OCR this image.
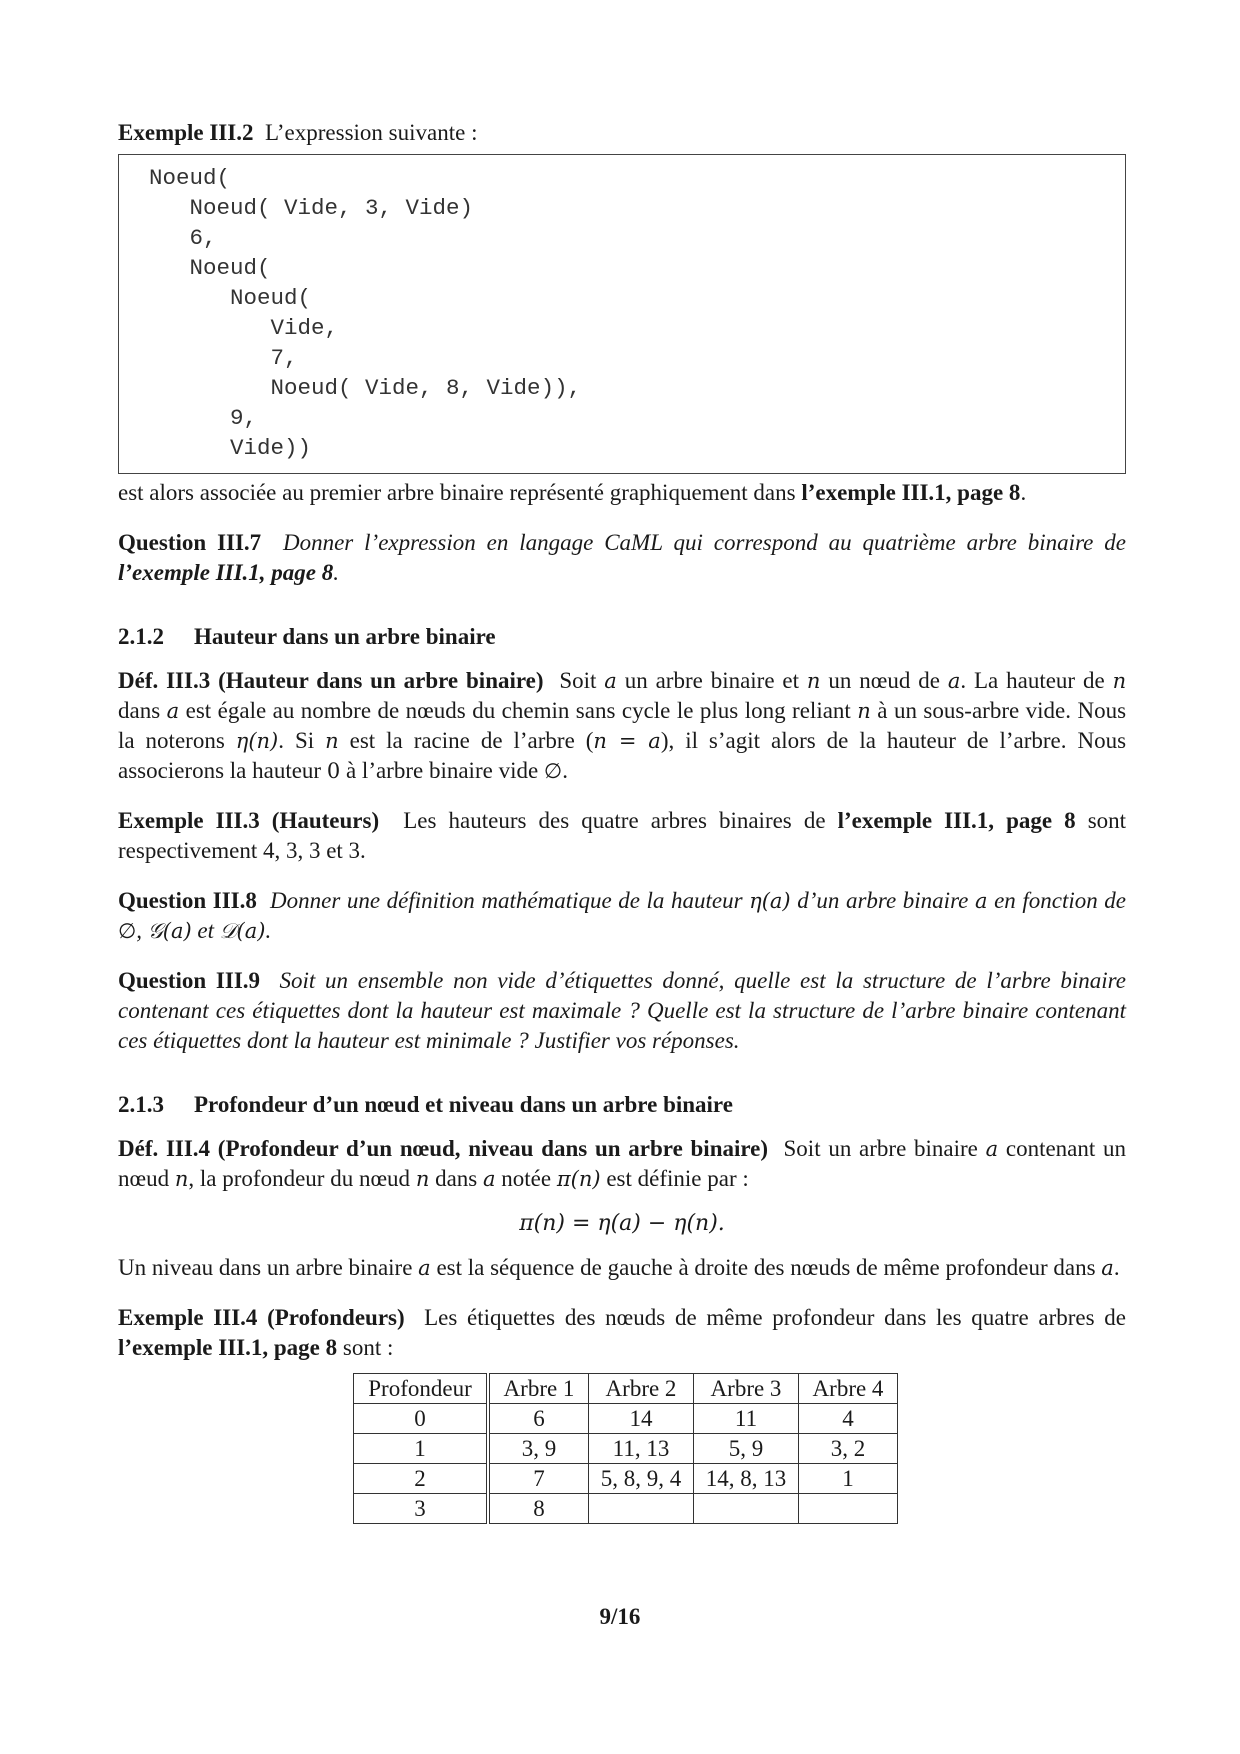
Exemple III.2 L’expression suivante :

Noeud(
Noeud( Vide, 3, Vide)
6,
Noeud(
Noeud(
Vide,
7,
Noeud( Vide, 8, Vide)),
9,
Vide))

est alors associée au premier arbre binaire représenté graphiquement dans l’exemple III.1, page 8.

Question III.7 Donner l’expression en langage CaML qui correspond au quatrième arbre binaire de l’exemple III.1, page 8.

2.1.2 Hauteur dans un arbre binaire

Déf. III.3 (Hauteur dans un arbre binaire) Soit a un arbre binaire et n un nœud de a. La hauteur de n dans a est égale au nombre de nœuds du chemin sans cycle le plus long reliant n à un sous-arbre vide. Nous la noterons η(n). Si n est la racine de l’arbre (n = a), il s’agit alors de la hauteur de l’arbre. Nous associerons la hauteur 0 à l’arbre binaire vide ∅.

Exemple III.3 (Hauteurs) Les hauteurs des quatre arbres binaires de l’exemple III.1, page 8 sont respectivement 4, 3, 3 et 3.

Question III.8 Donner une définition mathématique de la hauteur η(a) d’un arbre binaire a en fonction de ∅, 𝒢(a) et 𝒟(a).

Question III.9 Soit un ensemble non vide d’étiquettes donné, quelle est la structure de l’arbre binaire contenant ces étiquettes dont la hauteur est maximale ? Quelle est la structure de l’arbre binaire contenant ces étiquettes dont la hauteur est minimale ? Justifier vos réponses.

2.1.3 Profondeur d’un nœud et niveau dans un arbre binaire

Déf. III.4 (Profondeur d’un nœud, niveau dans un arbre binaire) Soit un arbre binaire a contenant un nœud n, la profondeur du nœud n dans a notée π(n) est définie par :

π(n) = η(a) − η(n).

Un niveau dans un arbre binaire a est la séquence de gauche à droite des nœuds de même profondeur dans a.

Exemple III.4 (Profondeurs) Les étiquettes des nœuds de même profondeur dans les quatre arbres de l’exemple III.1, page 8 sont :

Profondeur	Arbre 1	Arbre 2	Arbre 3	Arbre 4
0	6	14	11	4
1	3, 9	11, 13	5, 9	3, 2
2	7	5, 8, 9, 4	14, 8, 13	1
3	8			
9/16
